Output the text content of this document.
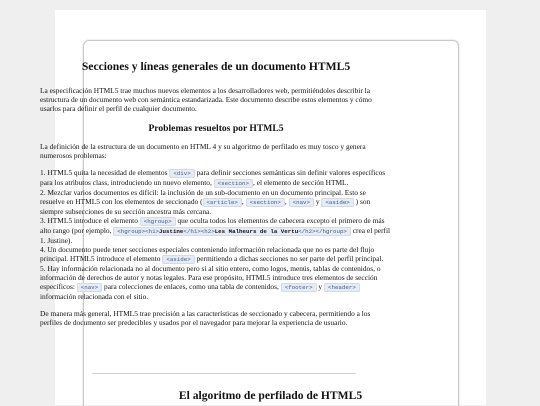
Secciones y líneas generales de un documento HTML5

La especificación HTML5 trae muchos nuevos elementos a los desarrolladores web, permitiéndoles describir la estructura de un documento web con semántica estandarizada. Este documento describe estos elementos y cómo usarlos para definir el perfil de cualquier documento.

Problemas resueltos por HTML5

La definición de la estructura de un documento en HTML 4 y su algoritmo de perfilado es muy tosco y genera numerosos problemas:

1. HTML5 quita la necesidad de elementos <div> para definir secciones semánticas sin definir valores específicos para los atributos class, introduciendo un nuevo elemento, <section> , el elemento de sección HTML.
2. Mezclar varios documentos es difícil: la inclusión de un sub-documento en un documento principal. Esto se resuelve en HTML5 con los elementos de seccionado ( <article> , <section> , <nav> y <aside> ) son siempre subsecciones de su sección ancestra más cercana.
3. HTML5 introduce el elemento <hgroup> que oculta todos los elementos de cabecera excepto el primero de más alto rango (por ejemplo, <hgroup><h1>Justine</h1><h2>Les Malheurs de la Vertu</h2></hgroup> crea el perfil 1. Justine).
4. Un documento puede tener secciones especiales conteniendo información relacionada que no es parte del flujo principal. HTML5 introduce el elemento <aside> permitiendo a dichas secciones no ser parte del perfil principal.
5. Hay información relacionada no al documento pero sí al sitio entero, como logos, menús, tablas de contenidos, o información de derechos de autor y notas legales. Para ese propósito, HTML5 introduce tres elementos de sección específicos: <nav> para colecciones de enlaces, como una tabla de contenidos, <footer> y <header> información relacionada con el sitio.

De manera más general, HTML5 trae precisión a las características de seccionado y cabecera, permitiendo a los perfiles de documento ser predecibles y usados por el navegador para mejorar la experiencia de usuario.

El algoritmo de perfilado de HTML5
